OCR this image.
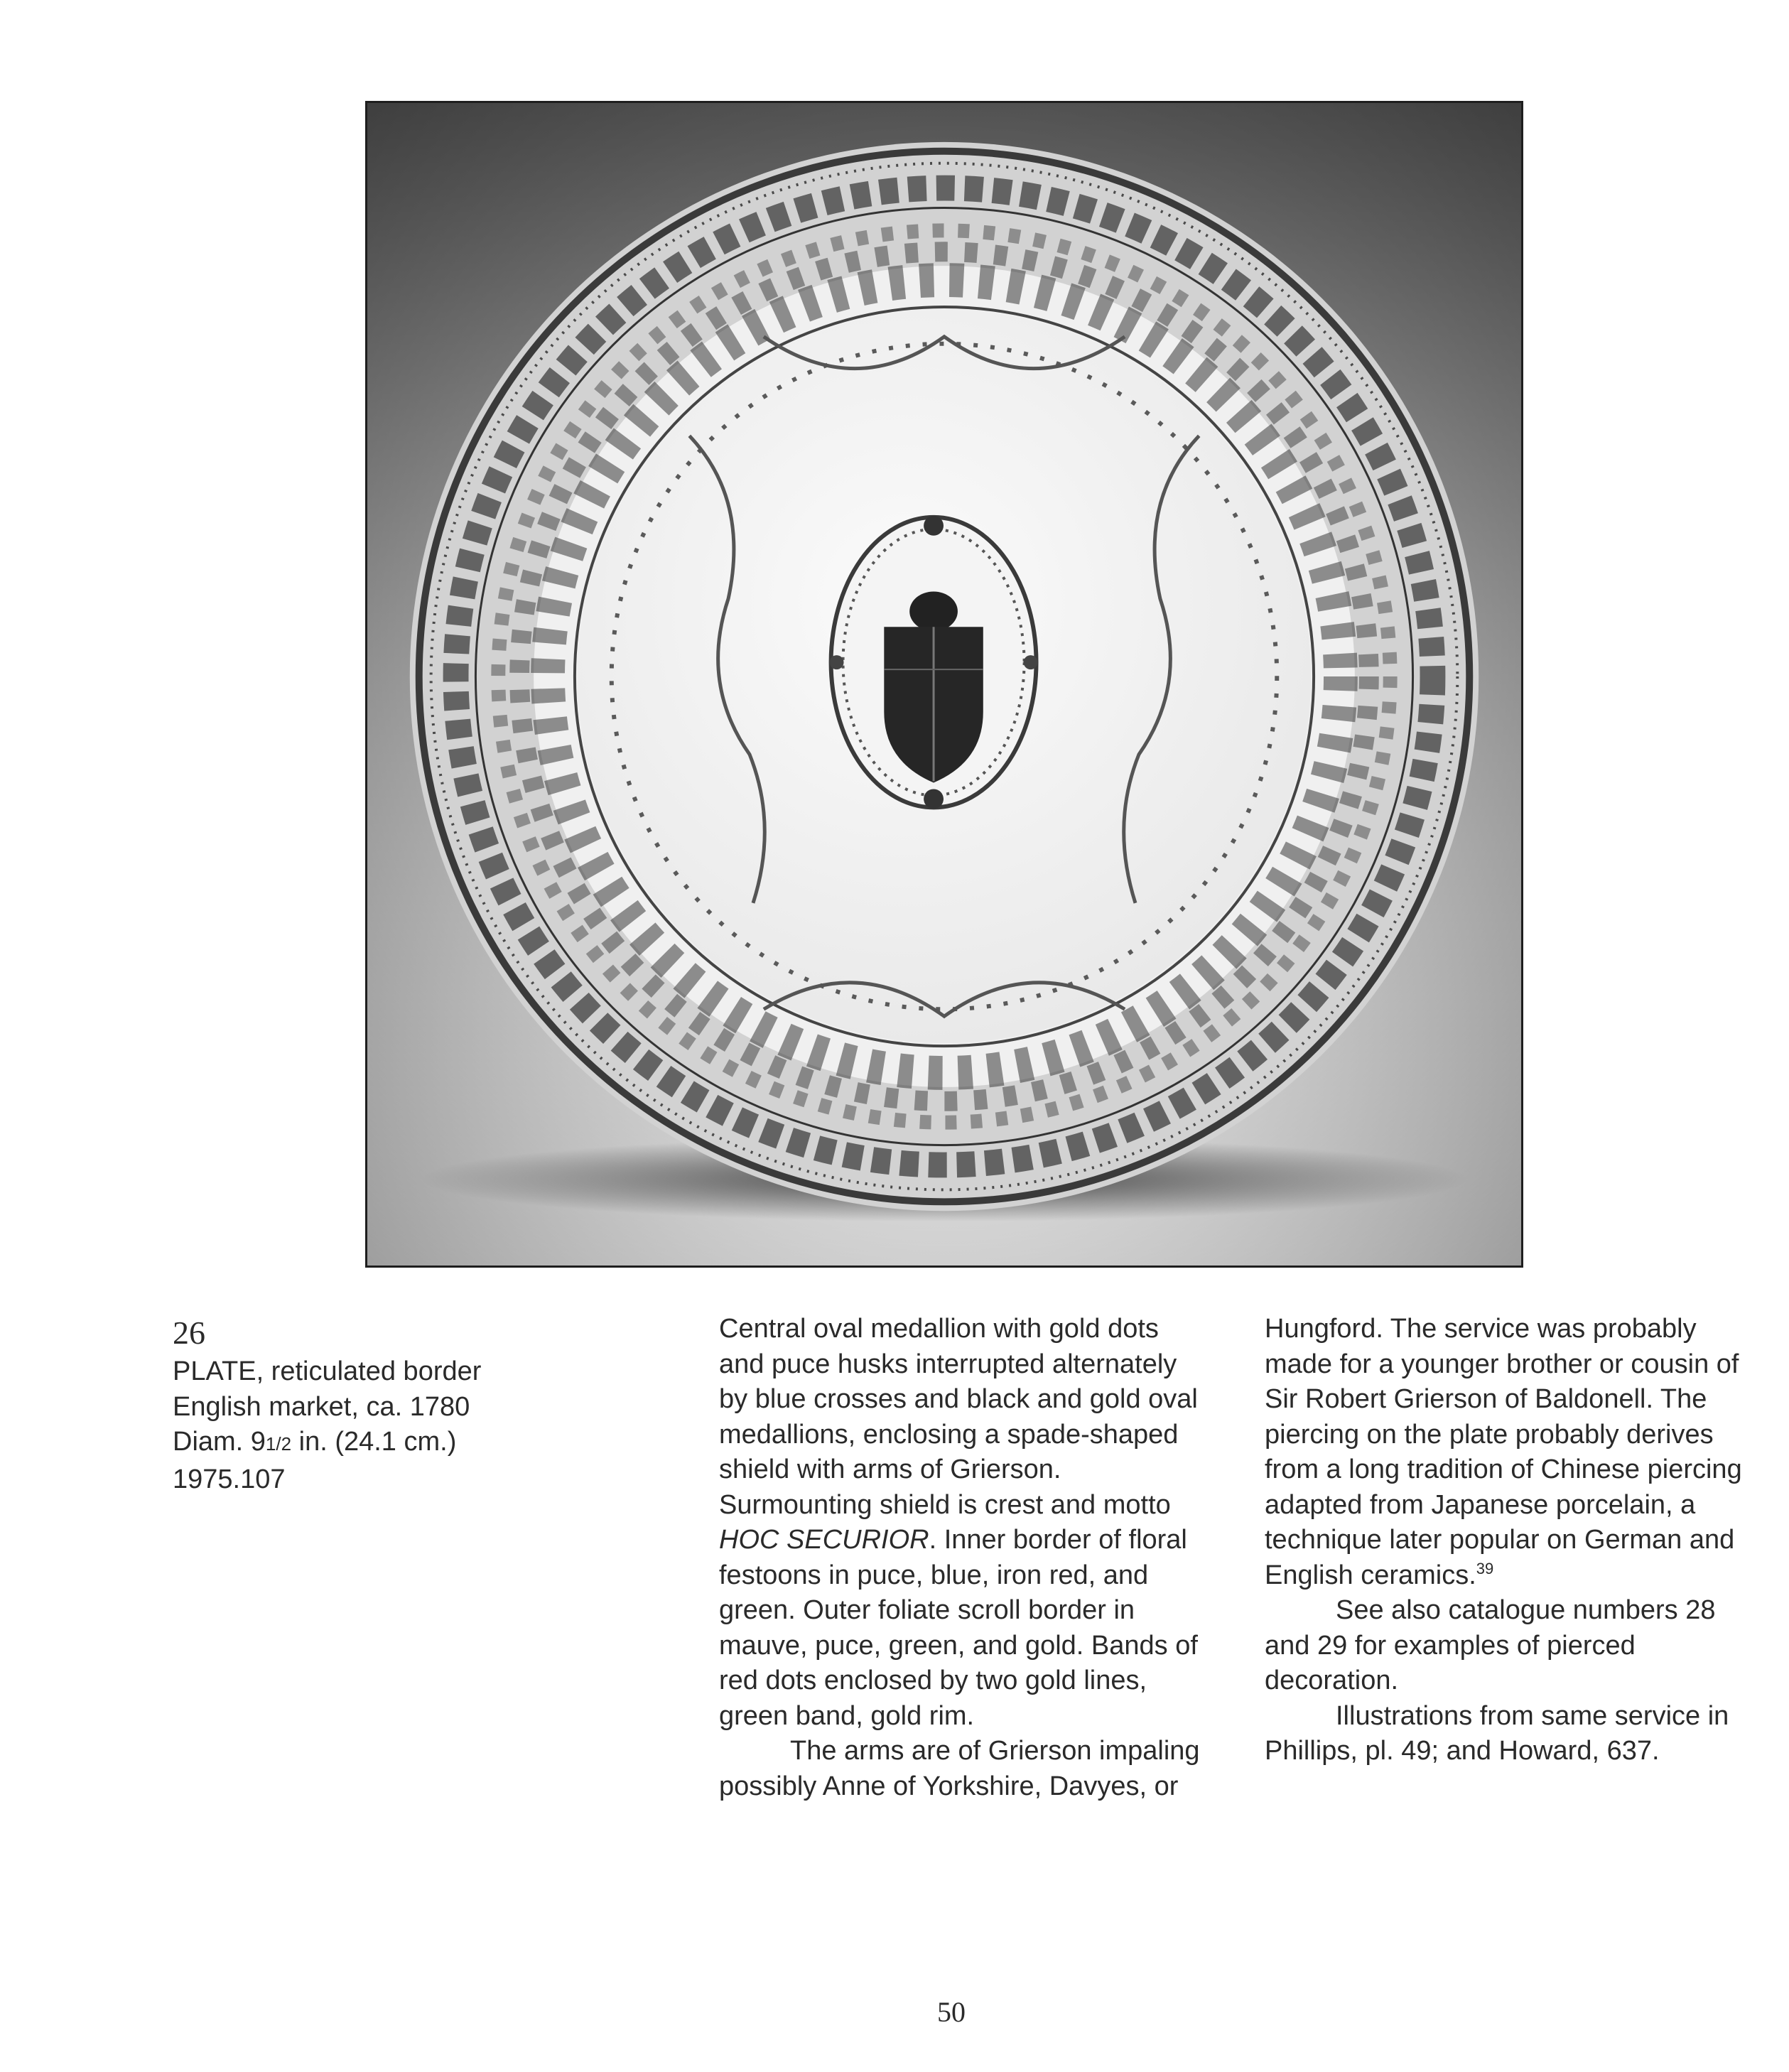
26

PLATE, reticulated border

English market, ca. 1780

Diam. 91/2 in. (24.1 cm.)

1975.107

Central oval medallion with gold dots and puce husks interrupted alternately by blue crosses and black and gold oval medallions, enclosing a spade-shaped shield with arms of Grierson. Surmounting shield is crest and motto HOC SECURIOR. Inner border of floral festoons in puce, blue, iron red, and green. Outer foliate scroll border in mauve, puce, green, and gold. Bands of red dots enclosed by two gold lines, green band, gold rim.

The arms are of Grierson impaling possibly Anne of Yorkshire, Davyes, or

Hungford. The service was probably made for a younger brother or cousin of Sir Robert Grierson of Baldonell. The piercing on the plate probably derives from a long tradition of Chinese piercing adapted from Japanese porcelain, a technique later popular on German and English ceramics.$^{39}$

See also catalogue numbers 28 and 29 for examples of pierced decoration.

Illustrations from same service in Phillips, pl. 49; and Howard, 637.

50
